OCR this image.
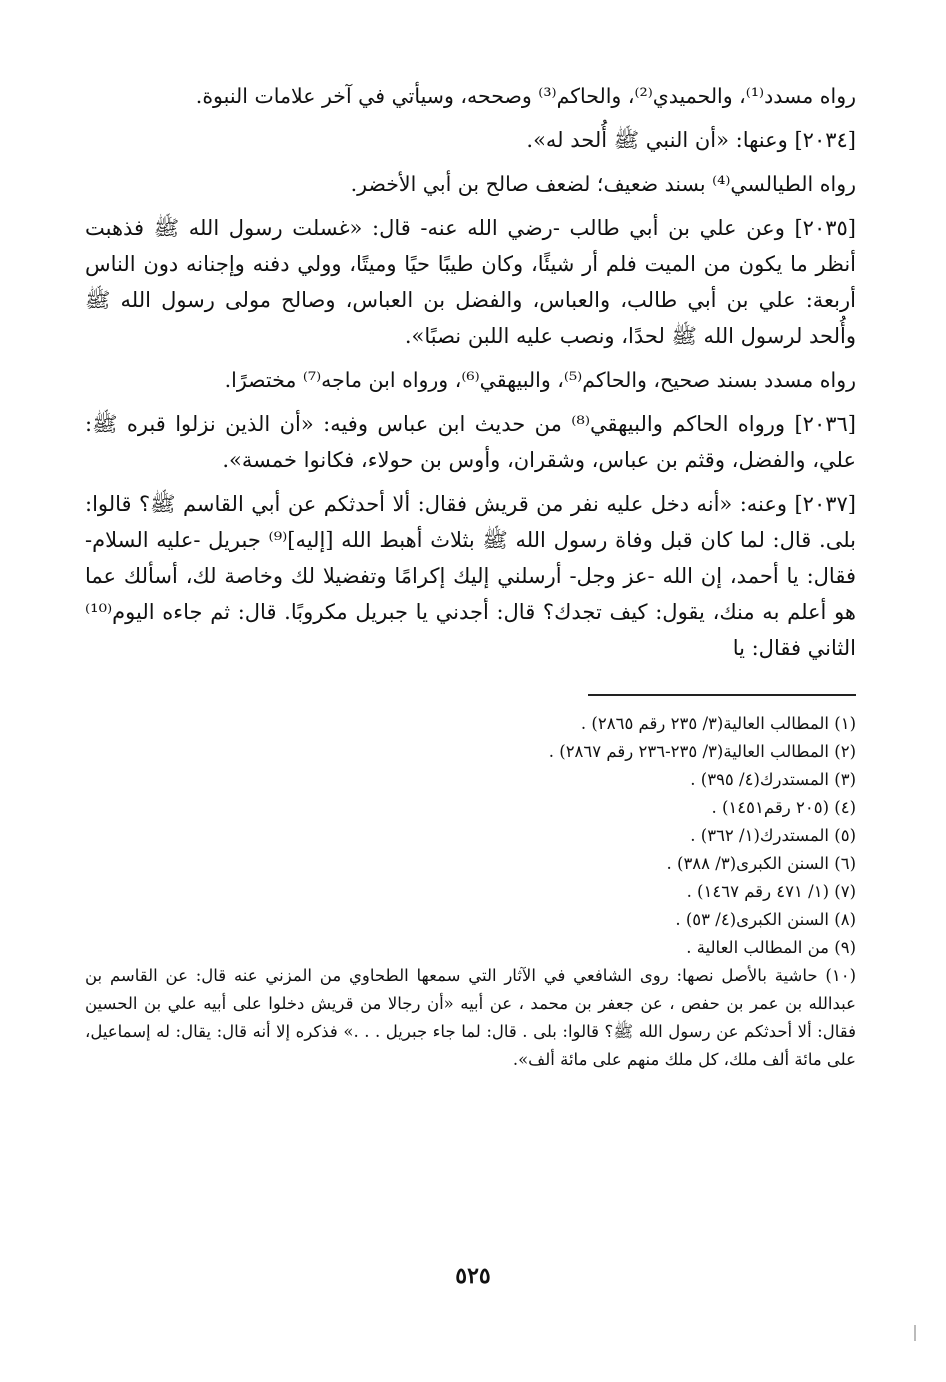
رواه مسدد⁽¹⁾، والحميدي⁽²⁾، والحاكم⁽³⁾ وصححه، وسيأتي في آخر علامات النبوة.

[٢٠٣٤] وعنها: «أن النبي ﷺ أُلحد له».

رواه الطيالسي⁽⁴⁾ بسند ضعيف؛ لضعف صالح بن أبي الأخضر.

[٢٠٣٥] وعن علي بن أبي طالب -رضي الله عنه- قال: «غسلت رسول الله ﷺ فذهبت أنظر ما يكون من الميت فلم أر شيئًا، وكان طيبًا حيًا وميتًا، وولي دفنه وإجنانه دون الناس أربعة: علي بن أبي طالب، والعباس، والفضل بن العباس، وصالح مولى رسول الله ﷺ وأُلحد لرسول الله ﷺ لحدًا، ونصب عليه اللبن نصبًا».

رواه مسدد بسند صحيح، والحاكم⁽⁵⁾، والبيهقي⁽⁶⁾، ورواه ابن ماجه⁽⁷⁾ مختصرًا.

[٢٠٣٦] ورواه الحاكم والبيهقي⁽⁸⁾ من حديث ابن عباس وفيه: «أن الذين نزلوا قبره ﷺ: علي، والفضل، وقثم بن عباس، وشقران، وأوس بن حولاء، فكانوا خمسة».

[٢٠٣٧] وعنه: «أنه دخل عليه نفر من قريش فقال: ألا أحدثكم عن أبي القاسم ﷺ؟ قالوا: بلى. قال: لما كان قبل وفاة رسول الله ﷺ بثلاث أهبط الله [إليه]⁽⁹⁾ جبريل -عليه السلام- فقال: يا أحمد، إن الله -عز وجل- أرسلني إليك إكرامًا وتفضيلا لك وخاصة لك، أسألك عما هو أعلم به منك، يقول: كيف تجدك؟ قال: أجدني يا جبريل مكروبًا. قال: ثم جاءه اليوم⁽¹⁰⁾ الثاني فقال: يا

(١) المطالب العالية(٣/ ٢٣٥ رقم ٢٨٦٥) .

(٢) المطالب العالية(٣/ ٢٣٥-٢٣٦ رقم ٢٨٦٧) .

(٣) المستدرك(٤/ ٣٩٥) .

(٤) (٢٠٥ رقم١٤٥١) .

(٥) المستدرك(١/ ٣٦٢) .

(٦) السنن الكبرى(٣/ ٣٨٨) .

(٧) (١/ ٤٧١ رقم ١٤٦٧) .

(٨) السنن الكبرى(٤/ ٥٣) .

(٩) من المطالب العالية .

(١٠) حاشية بالأصل نصها: روى الشافعي في الآثار التي سمعها الطحاوي من المزني عنه قال: عن القاسم بن عبدالله بن عمر بن حفص ، عن جعفر بن محمد ، عن أبيه «أن رجالا من قريش دخلوا على أبيه علي بن الحسين فقال: ألا أحدثكم عن رسول الله ﷺ؟ قالوا: بلى . قال: لما جاء جبريل . . .» فذكره إلا أنه قال: يقال: له إسماعيل، على مائة ألف ملك، كل ملك منهم على مائة ألف».

٥٢٥
